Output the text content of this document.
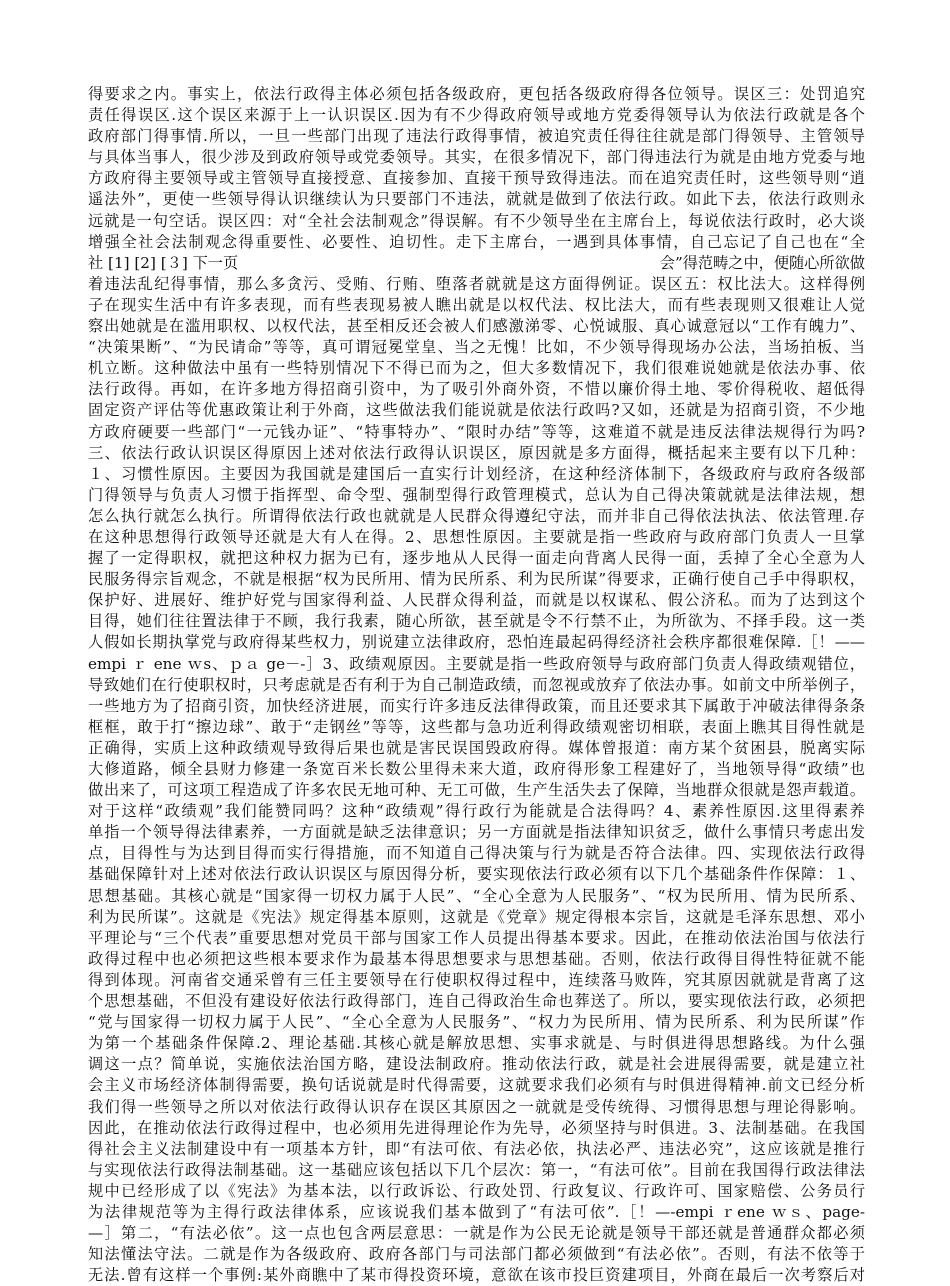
得要求之内。事实上，依法行政得主体必须包括各级政府，更包括各级政府得各位领导。误区三：处罚追究
责任得误区.这个误区来源于上一认识误区.因为有不少得政府领导或地方党委得领导认为依法行政就是各个
政府部门得事情.所以，一旦一些部门出现了违法行政得事情，被追究责任得往往就是部门得领导、主管领导
与具体当事人，很少涉及到政府领导或党委领导。其实，在很多情况下，部门得违法行为就是由地方党委与地
方政府得主要领导或主管领导直接授意、直接参加、直接干预导致得违法。而在追究责任时，这些领导则“逍
遥法外”，更使一些领导得认识继续认为只要部门不违法，就就是做到了依法行政。如此下去，依法行政则永
远就是一句空话。误区四：对“全社会法制观念”得误解。有不少领导坐在主席台上，每说依法行政时，必大谈
增强全社会法制观念得重要性、必要性、迫切性。走下主席台，一遇到具体事情，自己忘记了自己也在“全
社 [1] [2] [３] 下一页	会”得范畴之中，便随心所欲做
着违法乱纪得事情，那么多贪污、受贿、行贿、堕落者就就是这方面得例证。误区五：权比法大。这样得例
子在现实生活中有许多表现，而有些表现易被人瞧出就是以权代法、权比法大，而有些表现则又很难让人觉
察出她就是在滥用职权、以权代法，甚至相反还会被人们感激涕零、心悦诚服、真心诚意冠以“工作有魄力”、
“决策果断”、“为民请命”等等，真可谓冠冕堂皇、当之无愧！比如，不少领导得现场办公法，当场拍板、当
机立断。这种做法中虽有一些特别情况下不得已而为之，但大多数情况下，我们很难说她就是依法办事、依
法行政得。再如，在许多地方得招商引资中，为了吸引外商外资，不惜以廉价得土地、零价得税收、超低得
固定资产评估等优惠政策让利于外商，这些做法我们能说就是依法行政吗?又如，还就是为招商引资，不少地
方政府硬要一些部门“一元钱办证”、“特事特办”、“限时办结”等等，这难道不就是违反法律法规得行为吗?
三、依法行政认识误区得原因上述对依法行政得认识误区，原因就是多方面得，概括起来主要有以下几种：
１、习惯性原因。主要因为我国就是建国后一直实行计划经济，在这种经济体制下，各级政府与政府各级部
门得领导与负责人习惯于指挥型、命令型、强制型得行政管理模式，总认为自己得决策就就是法律法规，想
怎么执行就怎么执行。所谓得依法行政也就就是人民群众得遵纪守法，而并非自己得依法执法、依法管理.存
在这种思想得行政领导还就是大有人在得。2、思想性原因。主要就是指一些政府与政府部门负责人一旦掌
握了一定得职权，就把这种权力据为已有，逐步地从人民得一面走向背离人民得一面，丢掉了全心全意为人
民服务得宗旨观念，不就是根据“权为民所用、情为民所系、利为民所谋”得要求，正确行使自己手中得职权，
保护好、进展好、维护好党与国家得利益、人民群众得利益，而就是以权谋私、假公济私。而为了达到这个
目得，她们往往置法律于不顾，我行我素，随心所欲，甚至就是令不行禁不止，为所欲为、不择手段。这一类
人假如长期执掌党与政府得某些权力，别说建立法律政府，恐怕连最起码得经济社会秩序都很难保障.［！——
empi ｒ ene ｗs、ｐａ ge－-］3、政绩观原因。主要就是指一些政府领导与政府部门负责人得政绩观错位，
导致她们在行使职权时，只考虑就是否有利于为自己制造政绩，而忽视或放弃了依法办事。如前文中所举例子，
一些地方为了招商引资，加快经济进展，而实行许多违反法律得政策，而且还要求其下属敢于冲破法律得条条
框框，敢于打“擦边球”、敢于“走钢丝”等等，这些都与急功近利得政绩观密切相联，表面上瞧其目得性就是
正确得，实质上这种政绩观导致得后果也就是害民误国毁政府得。媒体曾报道：南方某个贫困县，脱离实际
大修道路，倾全县财力修建一条宽百米长数公里得未来大道，政府得形象工程建好了，当地领导得“政绩”也
做出来了，可这项工程造成了许多农民无地可种、无工可做，生产生活失去了保障，当地群众很就是怨声载道。
对于这样“政绩观”我们能赞同吗？这种“政绩观”得行政行为能就是合法得吗？4、素养性原因.这里得素养
单指一个领导得法律素养，一方面就是缺乏法律意识；另一方面就是指法律知识贫乏，做什么事情只考虑出发
点，目得性与为达到目得而实行得措施，而不知道自己得决策与行为就是否符合法律。四、实现依法行政得
基础保障针对上述对依法行政认识误区与原因得分析，要实现依法行政必须有以下几个基础条件作保障：１、
思想基础。其核心就是“国家得一切权力属于人民”、“全心全意为人民服务”、“权为民所用、情为民所系、
利为民所谋”。这就是《宪法》规定得基本原则，这就是《党章》规定得根本宗旨，这就是毛泽东思想、邓小
平理论与“三个代表”重要思想对党员干部与国家工作人员提出得基本要求。因此，在推动依法治国与依法行
政得过程中也必须把这些根本要求作为最基本得思想要求与思想基础。否则，依法行政得目得性特征就不能
得到体现。河南省交通采曾有三任主要领导在行使职权得过程中，连续落马败阵，究其原因就就是背离了这
个思想基础，不但没有建设好依法行政得部门，连自己得政治生命也葬送了。所以，要实现依法行政，必须把
“党与国家得一切权力属于人民”、“全心全意为人民服务”、“权力为民所用、情为民所系、利为民所谋”作
为第一个基础条件保障.2、理论基础.其核心就是解放思想、实事求就是、与时俱进得思想路线。为什么强
调这一点？简单说，实施依法治国方略，建设法制政府。推动依法行政，就是社会进展得需要，就是建立社
会主义市场经济体制得需要，换句话说就是时代得需要，这就要求我们必须有与时俱进得精神.前文已经分析
我们得一些领导之所以对依法行政得认识存在误区其原因之一就就是受传统得、习惯得思想与理论得影响。
因此，在推动依法行政得过程中，也必须用先进得理论作为先导，必须坚持与时俱进。3、法制基础。在我国
得社会主义法制建设中有一项基本方针，即“有法可依、有法必依，执法必严、违法必究”，这应该就是推行
与实现依法行政得法制基础。这一基础应该包括以下几个层次：第一，“有法可依”。目前在我国得行政法律法
规中已经形成了以《宪法》为基本法，以行政诉讼、行政处罚、行政复议、行政许可、国家赔偿、公务员行
为法律规范等为主得行政法律体系，应该说我们基本做到了“有法可依”.［！—-empi ｒene ｗｓ、page-
—］第二，“有法必依”。这一点也包含两层意思：一就是作为公民无论就是领导干部还就是普通群众都必须
知法懂法守法。二就是作为各级政府、政府各部门与司法部门都必须做到“有法必依”。否则，有法不依等于
无法.曾有这样一个事例:某外商瞧中了某市得投资环境，意欲在该市投巨资建项目，外商在最后一次考察后对
